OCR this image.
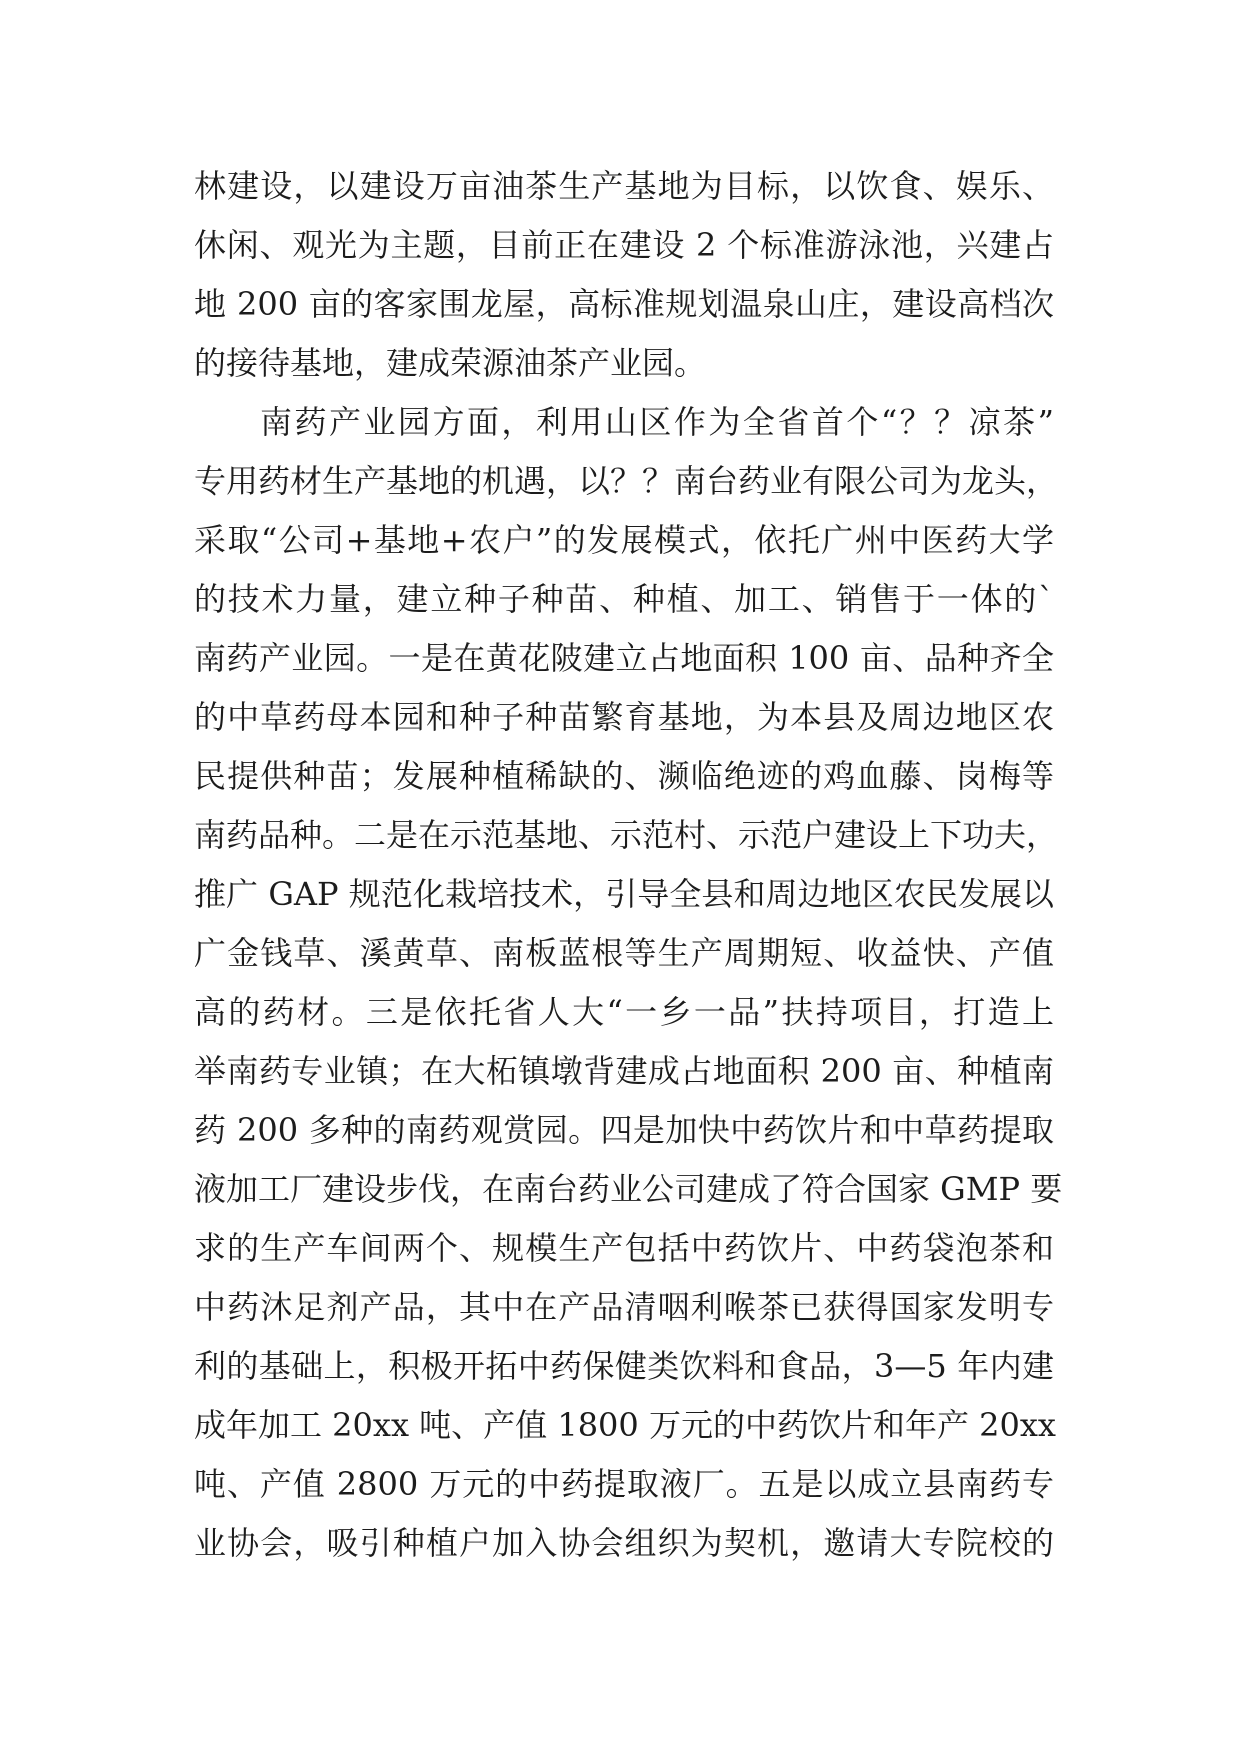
林建设，以建设万亩油茶生产基地为目标，以饮食、娱乐、
休闲、观光为主题，目前正在建设 2 个标准游泳池，兴建占
地 200 亩的客家围龙屋，高标准规划温泉山庄，建设高档次
的接待基地，建成荣源油茶产业园。
南药产业园方面，利用山区作为全省首个“？？凉茶”
专用药材生产基地的机遇，以？？南台药业有限公司为龙头，
采取“公司+基地+农户”的发展模式，依托广州中医药大学
的技术力量，建立种子种苗、种植、加工、销售于一体的`
南药产业园。一是在黄花陂建立占地面积 100 亩、品种齐全
的中草药母本园和种子种苗繁育基地，为本县及周边地区农
民提供种苗；发展种植稀缺的、濒临绝迹的鸡血藤、岗梅等
南药品种。二是在示范基地、示范村、示范户建设上下功夫，
推广 GAP 规范化栽培技术，引导全县和周边地区农民发展以
广金钱草、溪黄草、南板蓝根等生产周期短、收益快、产值
高的药材。三是依托省人大“一乡一品”扶持项目，打造上
举南药专业镇；在大柘镇墩背建成占地面积 200 亩、种植南
药 200 多种的南药观赏园。四是加快中药饮片和中草药提取
液加工厂建设步伐，在南台药业公司建成了符合国家 GMP 要
求的生产车间两个、规模生产包括中药饮片、中药袋泡茶和
中药沐足剂产品，其中在产品清咽利喉茶已获得国家发明专
利的基础上，积极开拓中药保健类饮料和食品，3—5 年内建
成年加工 20xx 吨、产值 1800 万元的中药饮片和年产 20xx
吨、产值 2800 万元的中药提取液厂。五是以成立县南药专
业协会，吸引种植户加入协会组织为契机，邀请大专院校的
